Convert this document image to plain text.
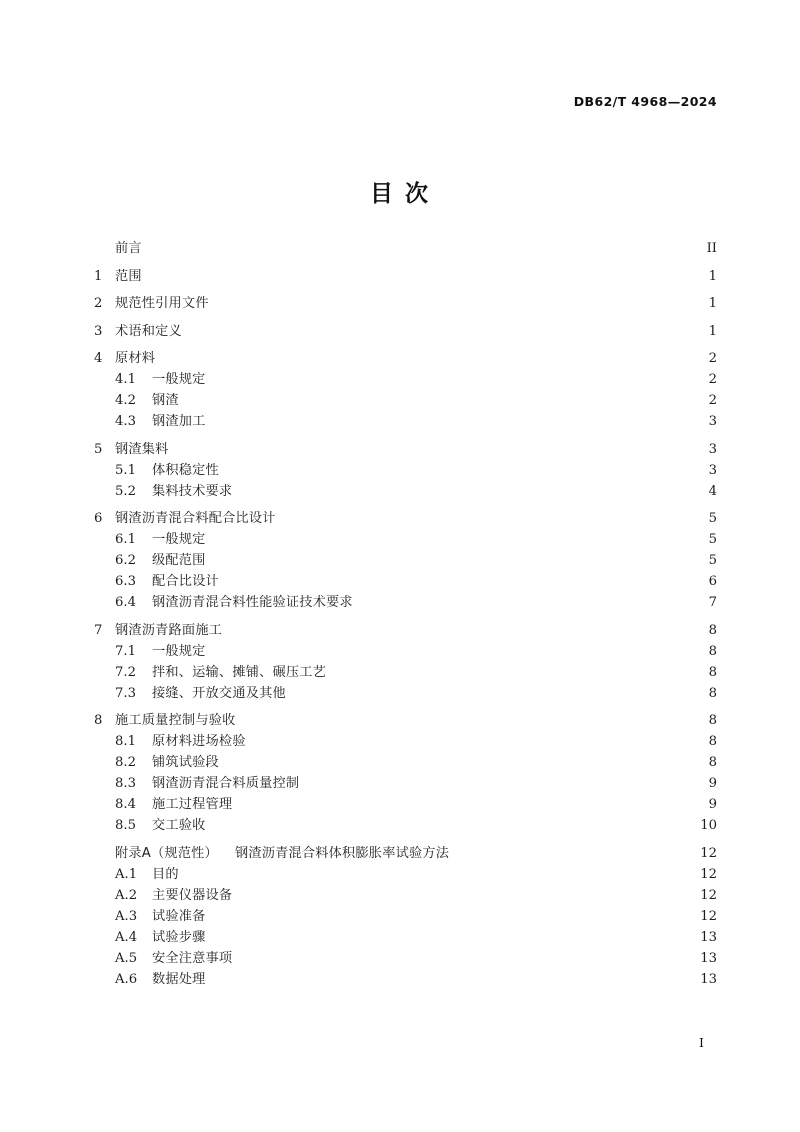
DB62/T 4968—2024
目 次
前言	II
1 范围	1
2 规范性引用文件	1
3 术语和定义	1
4 原材料	2
4.1	一般规定	2
4.2	钢渣	2
4.3	钢渣加工	3
5 钢渣集料	3
5.1	体积稳定性	3
5.2	集料技术要求	4
6 钢渣沥青混合料配合比设计	5
6.1	一般规定	5
6.2	级配范围	5
6.3	配合比设计	6
6.4	钢渣沥青混合料性能验证技术要求	7
7 钢渣沥青路面施工	8
7.1	一般规定	8
7.2	拌和、运输、摊铺、碾压工艺	8
7.3	接缝、开放交通及其他	8
8 施工质量控制与验收	8
8.1	原材料进场检验	8
8.2	铺筑试验段	8
8.3	钢渣沥青混合料质量控制	9
8.4	施工过程管理	9
8.5	交工验收	10
附录A（规范性） 钢渣沥青混合料体积膨胀率试验方法	12
A.1 目的	12
A.2 主要仪器设备	12
A.3 试验准备	12
A.4 试验步骤	13
A.5 安全注意事项	13
A.6 数据处理	13
I
